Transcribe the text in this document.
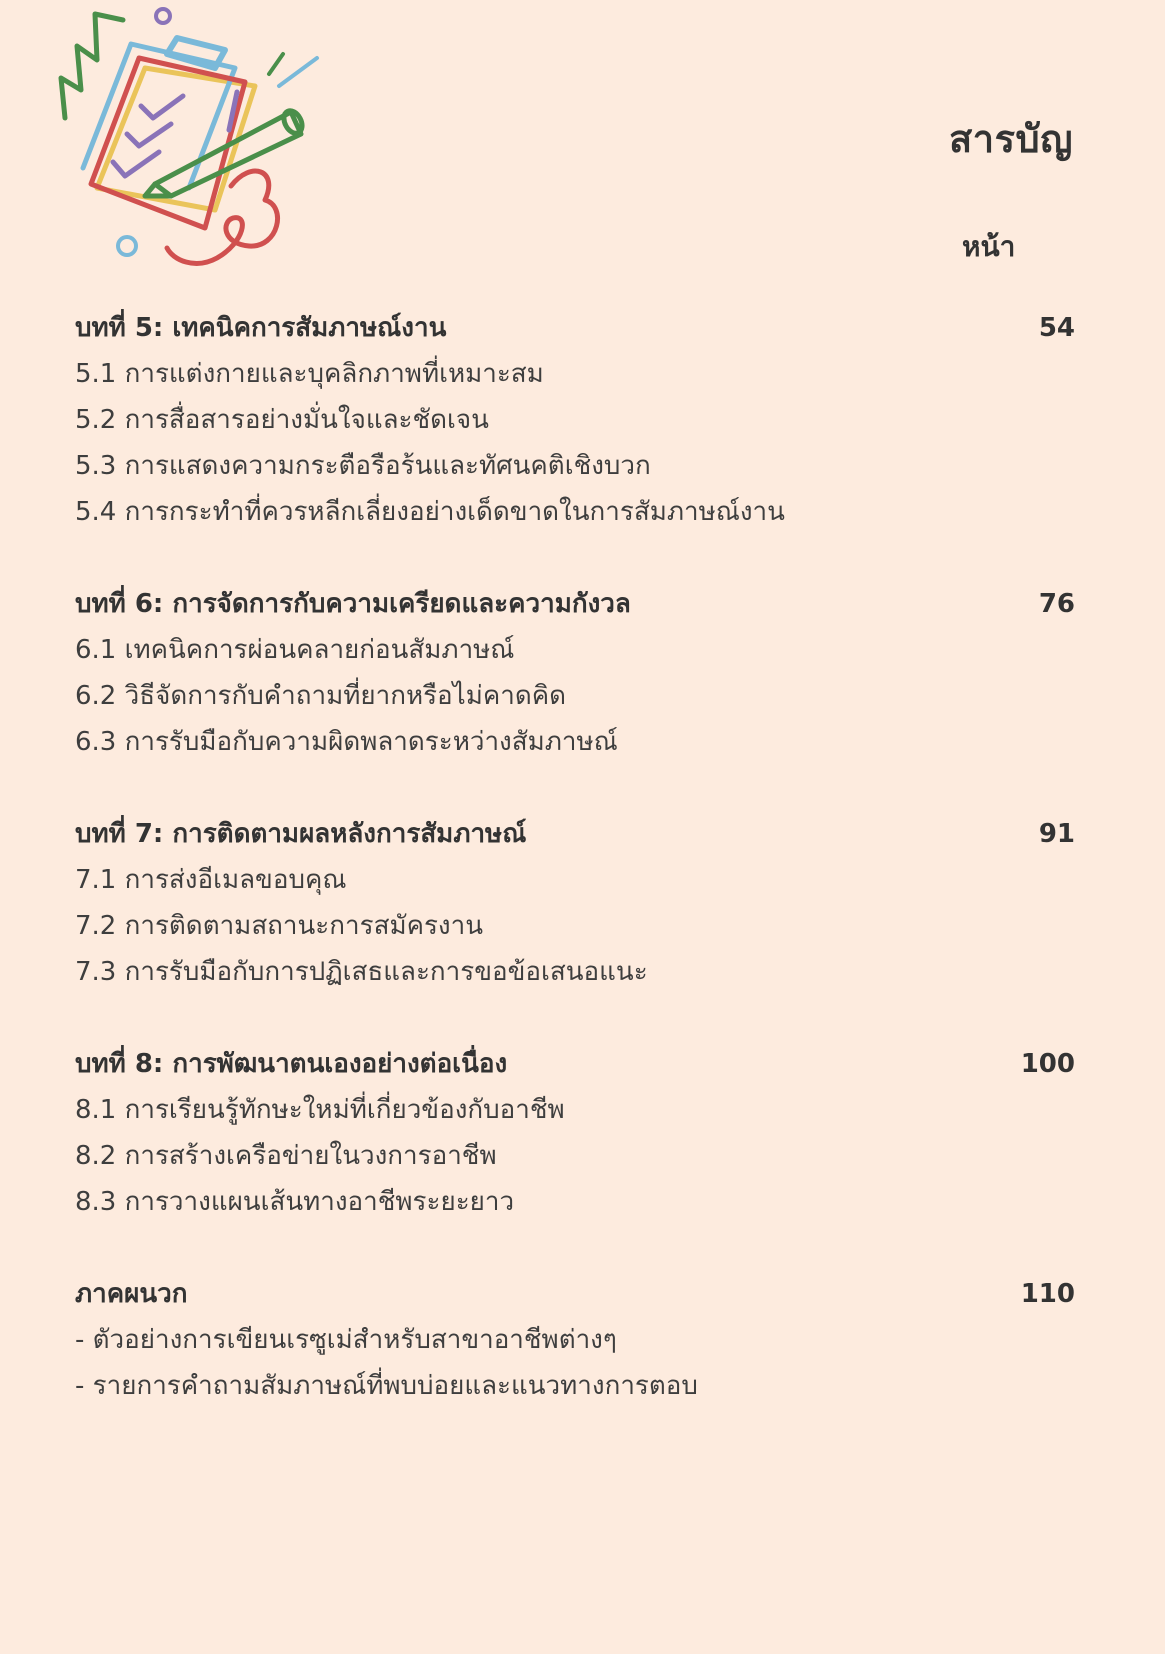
สารบัญ
หน้า
บทที่ 5: เทคนิคการสัมภาษณ์งาน	54
5.1 การแต่งกายและบุคลิกภาพที่เหมาะสม
5.2 การสื่อสารอย่างมั่นใจและชัดเจน
5.3 การแสดงความกระตือรือร้นและทัศนคติเชิงบวก
5.4 การกระทำที่ควรหลีกเลี่ยงอย่างเด็ดขาดในการสัมภาษณ์งาน
บทที่ 6: การจัดการกับความเครียดและความกังวล	76
6.1 เทคนิคการผ่อนคลายก่อนสัมภาษณ์
6.2 วิธีจัดการกับคำถามที่ยากหรือไม่คาดคิด
6.3 การรับมือกับความผิดพลาดระหว่างสัมภาษณ์
บทที่ 7: การติดตามผลหลังการสัมภาษณ์	91
7.1 การส่งอีเมลขอบคุณ
7.2 การติดตามสถานะการสมัครงาน
7.3 การรับมือกับการปฏิเสธและการขอข้อเสนอแนะ
บทที่ 8: การพัฒนาตนเองอย่างต่อเนื่อง	100
8.1 การเรียนรู้ทักษะใหม่ที่เกี่ยวข้องกับอาชีพ
8.2 การสร้างเครือข่ายในวงการอาชีพ
8.3 การวางแผนเส้นทางอาชีพระยะยาว
ภาคผนวก	110
- ตัวอย่างการเขียนเรซูเม่สำหรับสาขาอาชีพต่างๆ
- รายการคำถามสัมภาษณ์ที่พบบ่อยและแนวทางการตอบ
